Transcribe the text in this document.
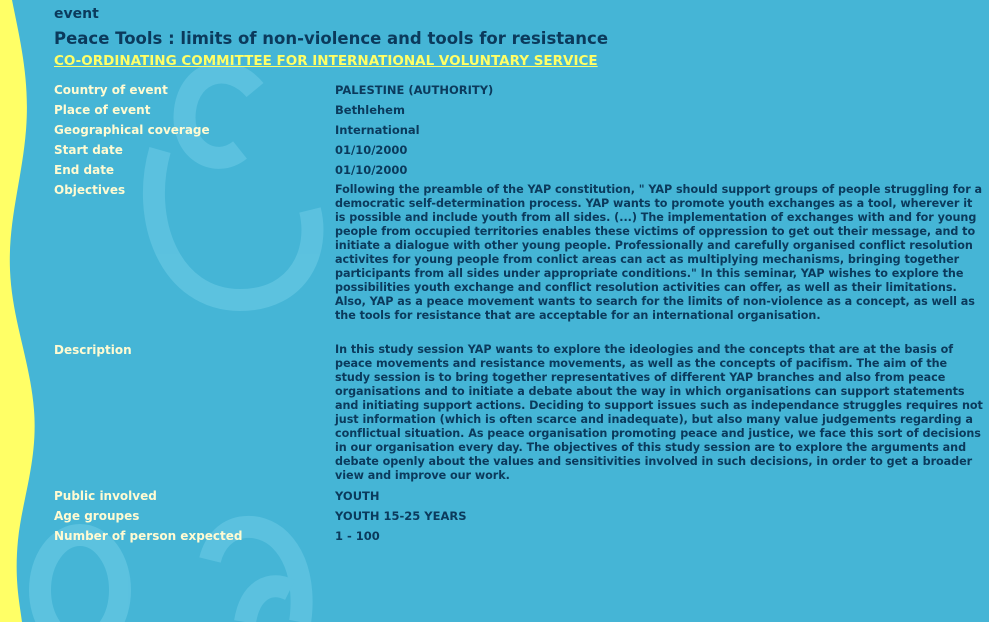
event
Peace Tools : limits of non-violence and tools for resistance
CO-ORDINATING COMMITTEE FOR INTERNATIONAL VOLUNTARY SERVICE
Country of event	PALESTINE (AUTHORITY)
Place of event	Bethlehem
Geographical coverage	International
Start date	01/10/2000
End date	01/10/2000
Objectives	Following the preamble of the YAP constitution, " YAP should support groups of people struggling for a democratic self-determination process. YAP wants to promote youth exchanges as a tool, wherever it is possible and include youth from all sides. (...) The implementation of exchanges with and for young people from occupied territories enables these victims of oppression to get out their message, and to initiate a dialogue with other young people. Professionally and carefully organised conflict resolution activites for young people from conlict areas can act as multiplying mechanisms, bringing together participants from all sides under appropriate conditions." In this seminar, YAP wishes to explore the possibilities youth exchange and conflict resolution activities can offer, as well as their limitations. Also, YAP as a peace movement wants to search for the limits of non-violence as a concept, as well as the tools for resistance that are acceptable for an international organisation.
Description	In this study session YAP wants to explore the ideologies and the concepts that are at the basis of peace movements and resistance movements, as well as the concepts of pacifism. The aim of the study session is to bring together representatives of different YAP branches and also from peace organisations and to initiate a debate about the way in which organisations can support statements and initiating support actions. Deciding to support issues such as independance struggles requires not just information (which is often scarce and inadequate), but also many value judgements regarding a conflictual situation. As peace organisation promoting peace and justice, we face this sort of decisions in our organisation every day. The objectives of this study session are to explore the arguments and debate openly about the values and sensitivities involved in such decisions, in order to get a broader view and improve our work.
Public involved	YOUTH
Age groupes	YOUTH 15-25 YEARS
Number of person expected	1 - 100
